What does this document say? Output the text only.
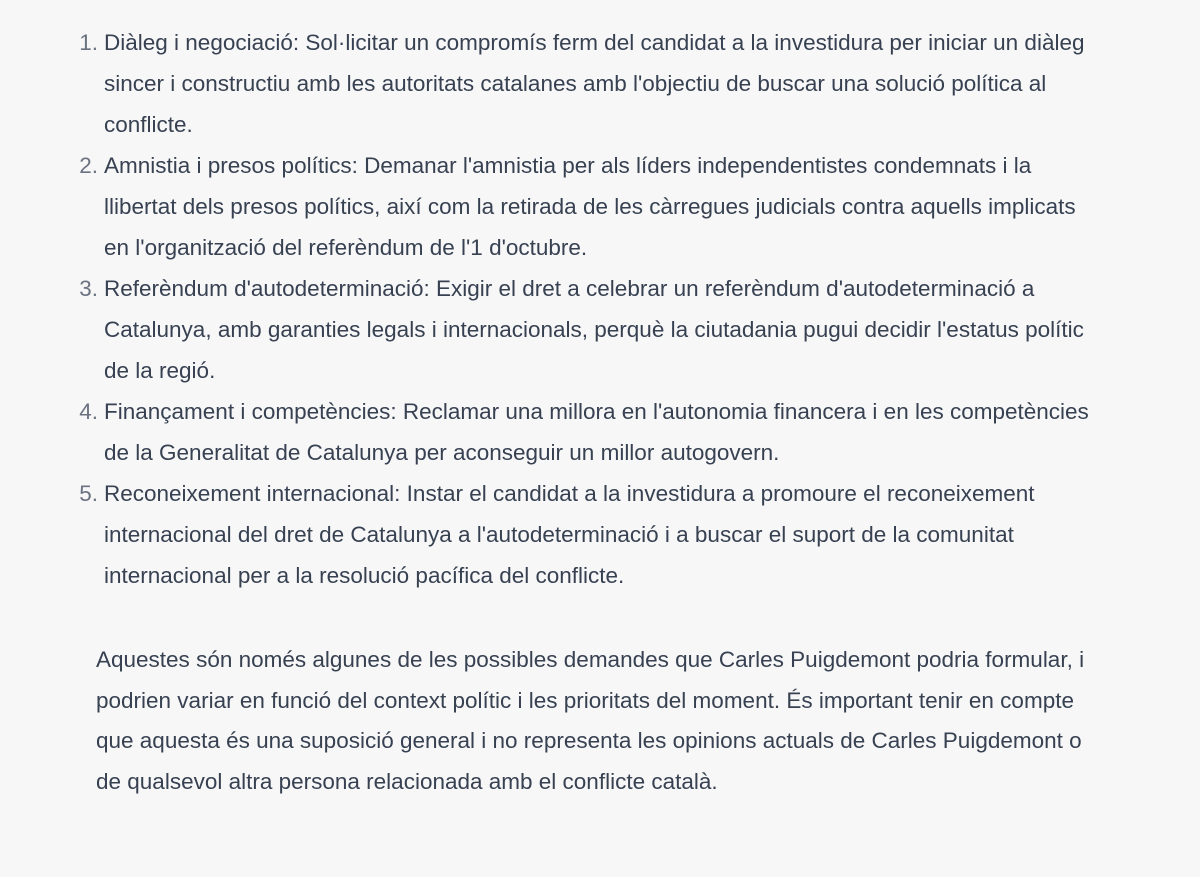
1. Diàleg i negociació: Sol·licitar un compromís ferm del candidat a la investidura per iniciar un diàleg sincer i constructiu amb les autoritats catalanes amb l'objectiu de buscar una solució política al conflicte.
2. Amnistia i presos polítics: Demanar l'amnistia per als líders independentistes condemnats i la llibertat dels presos polítics, així com la retirada de les càrregues judicials contra aquells implicats en l'organització del referèndum de l'1 d'octubre.
3. Referèndum d'autodeterminació: Exigir el dret a celebrar un referèndum d'autodeterminació a Catalunya, amb garanties legals i internacionals, perquè la ciutadania pugui decidir l'estatus polític de la regió.
4. Finançament i competències: Reclamar una millora en l'autonomia financera i en les competències de la Generalitat de Catalunya per aconseguir un millor autogovern.
5. Reconeixement internacional: Instar el candidat a la investidura a promoure el reconeixement internacional del dret de Catalunya a l'autodeterminació i a buscar el suport de la comunitat internacional per a la resolució pacífica del conflicte.

Aquestes són només algunes de les possibles demandes que Carles Puigdemont podria formular, i podrien variar en funció del context polític i les prioritats del moment. És important tenir en compte que aquesta és una suposició general i no representa les opinions actuals de Carles Puigdemont o de qualsevol altra persona relacionada amb el conflicte català.
